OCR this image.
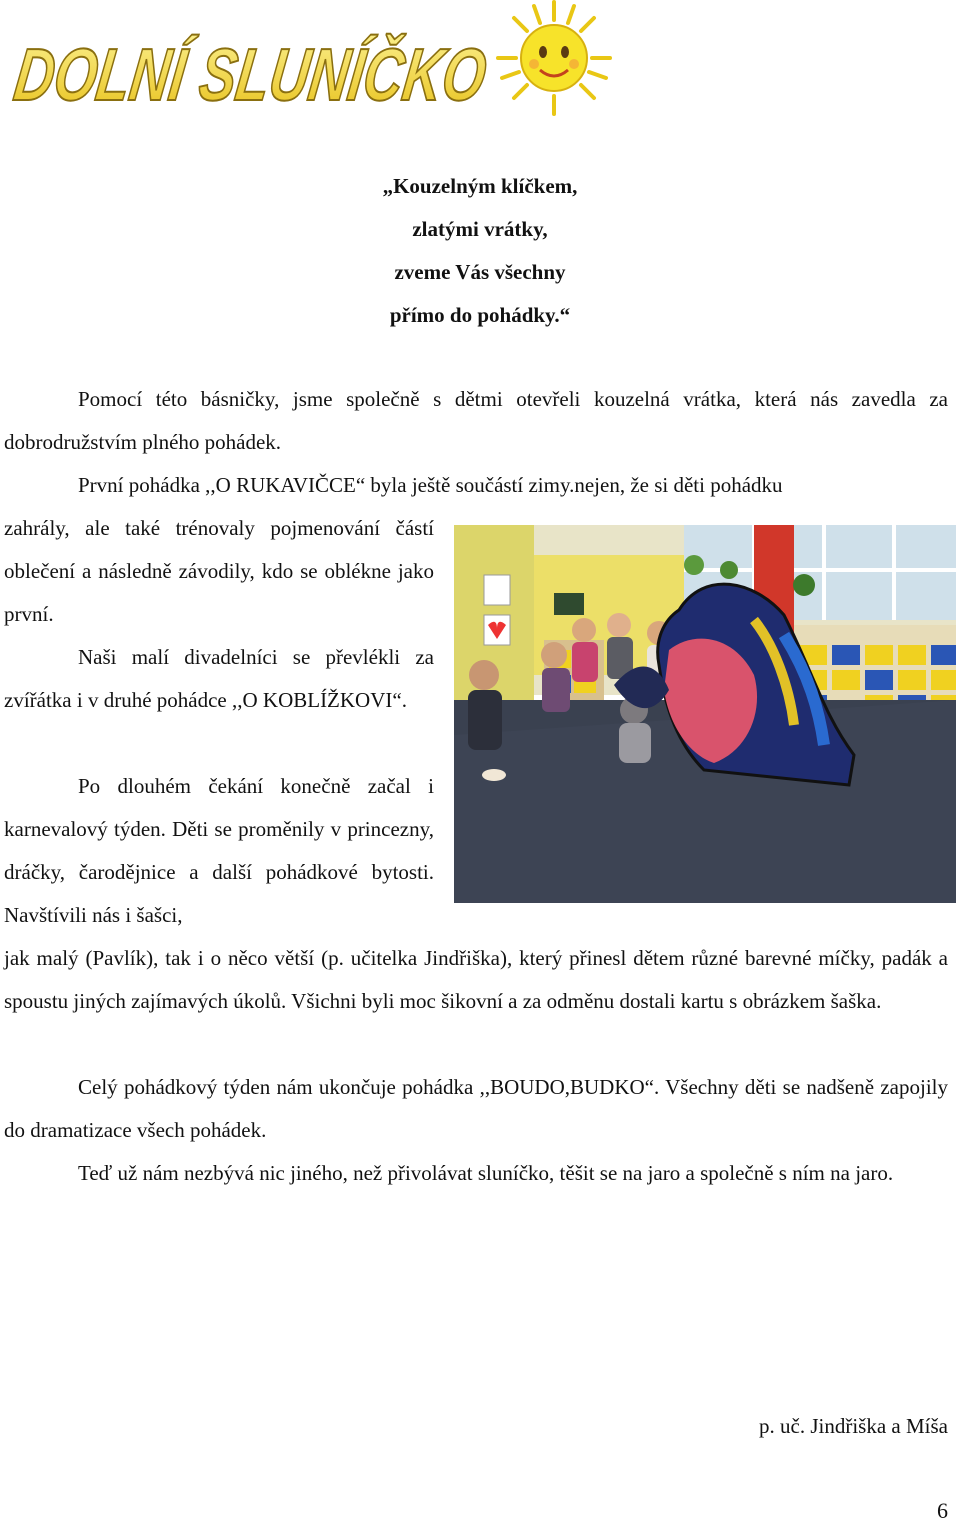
DOLNÍ SLUNÍČKO
„Kouzelným klíčkem,
zlatými vrátky,
zveme Vás všechny
přímo do pohádky.“
Pomocí této básničky, jsme společně s dětmi otevřeli kouzelná vrátka, která nás zavedla za dobrodružstvím plného pohádek.
První pohádka ,,O RUKAVIČCE“ byla ještě součástí zimy.nejen, že si děti pohádku
zahrály, ale také trénovaly pojmenování částí oblečení a následně závodily, kdo se oblékne jako první.
Naši malí divadelníci se převlékli za zvířátka i v druhé pohádce ,,O KOBLÍŽKOVI“.
Po dlouhém čekání konečně začal i karnevalový týden. Děti se proměnily v princezny, dráčky, čarodějnice a další pohádkové bytosti. Navštívili nás i šašci,
jak malý (Pavlík), tak i o něco větší (p. učitelka Jindřiška), který přinesl dětem různé barevné míčky, padák a spoustu jiných zajímavých úkolů. Všichni byli moc šikovní a za odměnu dostali kartu s obrázkem šaška.
Celý pohádkový týden nám ukončuje pohádka ,,BOUDO,BUDKO“. Všechny děti se nadšeně zapojily do dramatizace všech pohádek.
Teď už nám nezbývá nic jiného, než přivolávat sluníčko, těšit se na jaro a společně s ním na jaro.
p. uč. Jindřiška a Míša
6
